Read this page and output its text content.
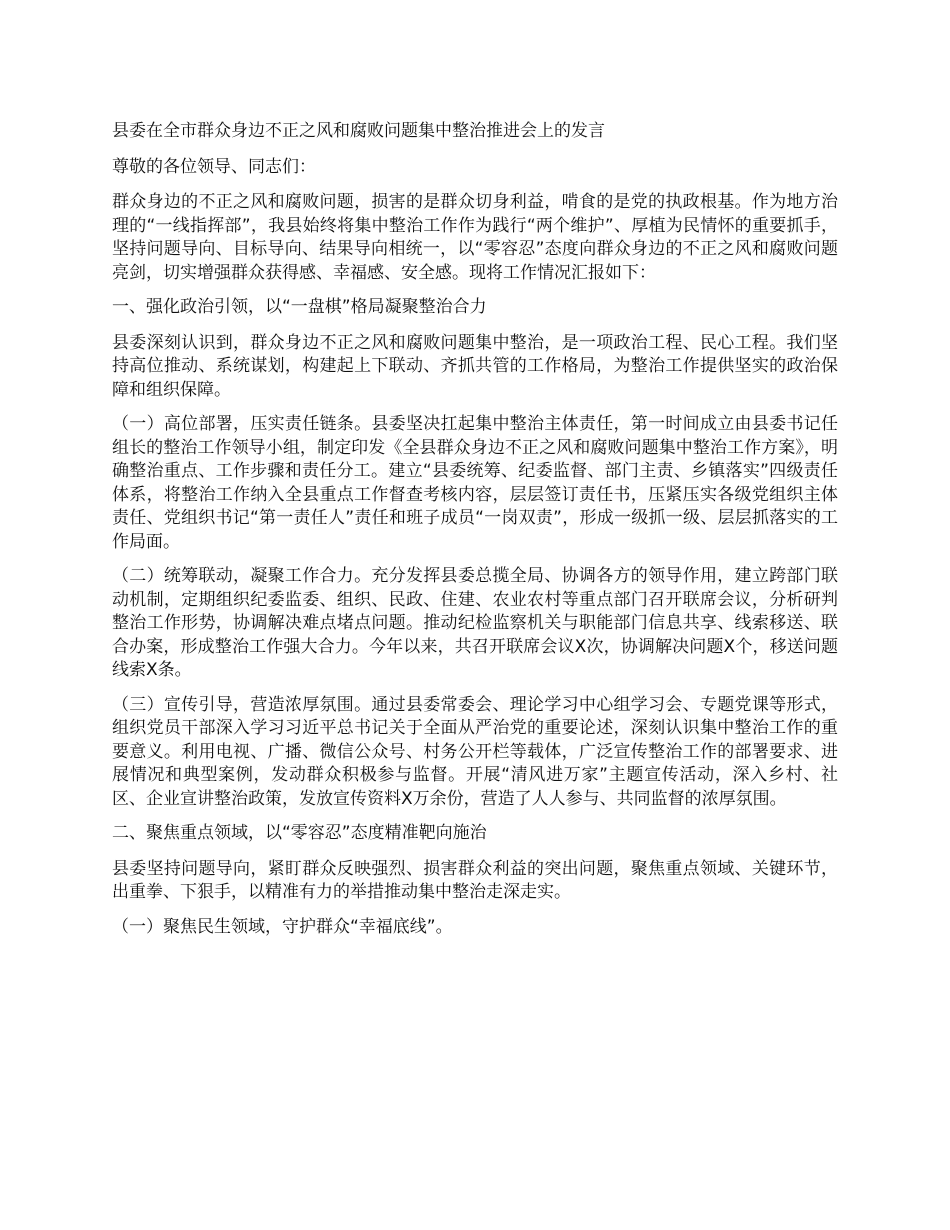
县委在全市群众身边不正之风和腐败问题集中整治推进会上的发言

尊敬的各位领导、同志们：

群众身边的不正之风和腐败问题，损害的是群众切身利益，啃食的是党的执政根基。作为地方治理的“一线指挥部”，我县始终将集中整治工作作为践行“两个维护”、厚植为民情怀的重要抓手，坚持问题导向、目标导向、结果导向相统一，以“零容忍”态度向群众身边的不正之风和腐败问题亮剑，切实增强群众获得感、幸福感、安全感。现将工作情况汇报如下：

一、强化政治引领，以“一盘棋”格局凝聚整治合力

县委深刻认识到，群众身边不正之风和腐败问题集中整治，是一项政治工程、民心工程。我们坚持高位推动、系统谋划，构建起上下联动、齐抓共管的工作格局，为整治工作提供坚实的政治保障和组织保障。

（一）高位部署，压实责任链条。县委坚决扛起集中整治主体责任，第一时间成立由县委书记任组长的整治工作领导小组，制定印发《全县群众身边不正之风和腐败问题集中整治工作方案》，明确整治重点、工作步骤和责任分工。建立“县委统筹、纪委监督、部门主责、乡镇落实”四级责任体系，将整治工作纳入全县重点工作督查考核内容，层层签订责任书，压紧压实各级党组织主体责任、党组织书记“第一责任人”责任和班子成员“一岗双责”，形成一级抓一级、层层抓落实的工作局面。

（二）统筹联动，凝聚工作合力。充分发挥县委总揽全局、协调各方的领导作用，建立跨部门联动机制，定期组织纪委监委、组织、民政、住建、农业农村等重点部门召开联席会议，分析研判整治工作形势，协调解决难点堵点问题。推动纪检监察机关与职能部门信息共享、线索移送、联合办案，形成整治工作强大合力。今年以来，共召开联席会议X次，协调解决问题X个，移送问题线索X条。

（三）宣传引导，营造浓厚氛围。通过县委常委会、理论学习中心组学习会、专题党课等形式，组织党员干部深入学习习近平总书记关于全面从严治党的重要论述，深刻认识集中整治工作的重要意义。利用电视、广播、微信公众号、村务公开栏等载体，广泛宣传整治工作的部署要求、进展情况和典型案例，发动群众积极参与监督。开展“清风进万家”主题宣传活动，深入乡村、社区、企业宣讲整治政策，发放宣传资料X万余份，营造了人人参与、共同监督的浓厚氛围。

二、聚焦重点领域，以“零容忍”态度精准靶向施治

县委坚持问题导向，紧盯群众反映强烈、损害群众利益的突出问题，聚焦重点领域、关键环节，出重拳、下狠手，以精准有力的举措推动集中整治走深走实。

（一）聚焦民生领域，守护群众“幸福底线”。
